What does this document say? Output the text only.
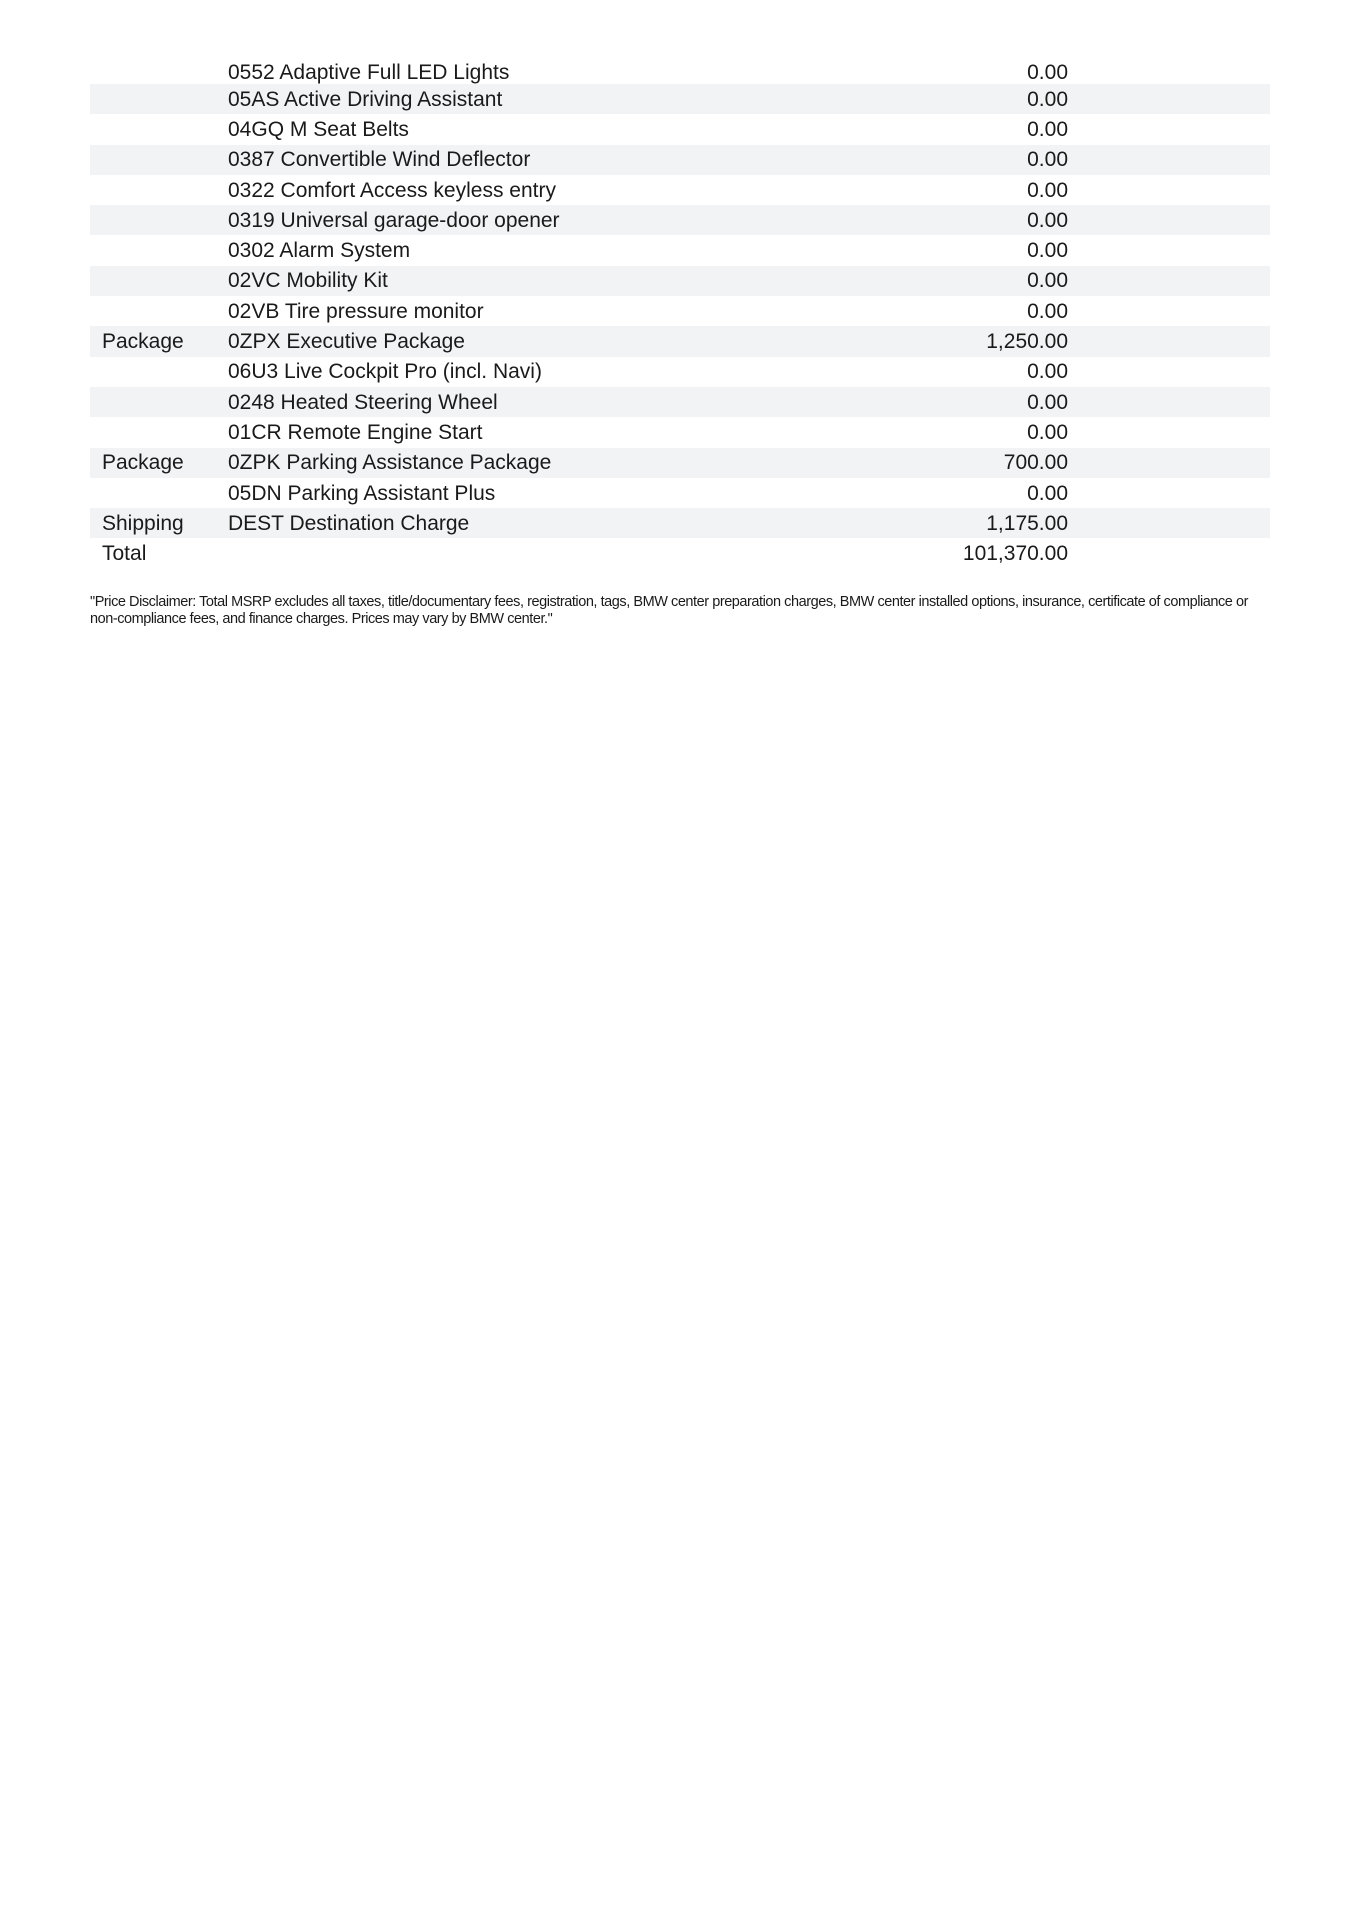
0552 Adaptive Full LED Lights	0.00
05AS Active Driving Assistant	0.00
04GQ M Seat Belts	0.00
0387 Convertible Wind Deflector	0.00
0322 Comfort Access keyless entry	0.00
0319 Universal garage-door opener	0.00
0302 Alarm System	0.00
02VC Mobility Kit	0.00
02VB Tire pressure monitor	0.00
Package	0ZPX Executive Package	1,250.00
06U3 Live Cockpit Pro (incl. Navi)	0.00
0248 Heated Steering Wheel	0.00
01CR Remote Engine Start	0.00
Package	0ZPK Parking Assistance Package	700.00
05DN Parking Assistant Plus	0.00
Shipping	DEST Destination Charge	1,175.00
Total	101,370.00
"Price Disclaimer: Total MSRP excludes all taxes, title/documentary fees, registration, tags, BMW center preparation charges, BMW center installed options, insurance, certificate of compliance or non-compliance fees, and finance charges. Prices may vary by BMW center."
